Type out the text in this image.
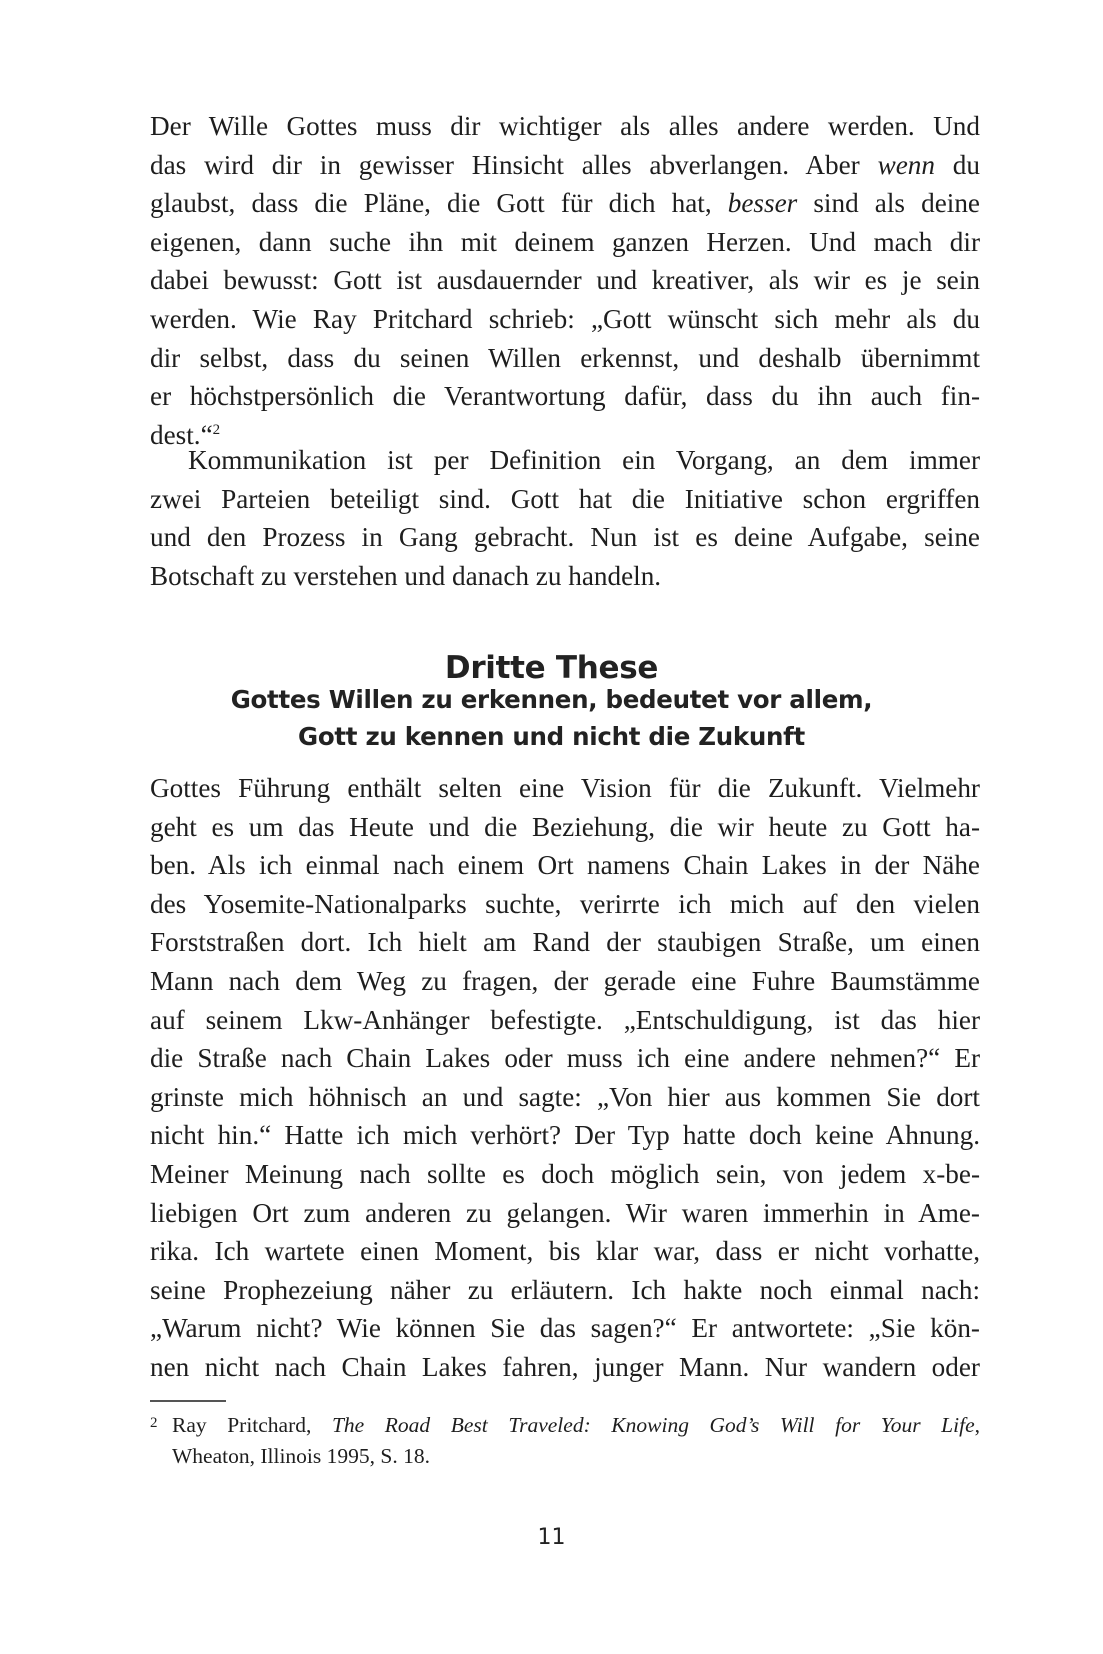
Der Wille Gottes muss dir wichtiger als alles andere werden. Und
das wird dir in gewisser Hinsicht alles abverlangen. Aber wenn du
glaubst, dass die Pläne, die Gott für dich hat, besser sind als deine
eigenen, dann suche ihn mit deinem ganzen Herzen. Und mach dir
dabei bewusst: Gott ist ausdauernder und kreativer, als wir es je sein
werden. Wie Ray Pritchard schrieb: „Gott wünscht sich mehr als du
dir selbst, dass du seinen Willen erkennst, und deshalb übernimmt
er höchstpersönlich die Verantwortung dafür, dass du ihn auch fin-
dest.“$^2$
Kommunikation ist per Definition ein Vorgang, an dem immer
zwei Parteien beteiligt sind. Gott hat die Initiative schon ergriffen
und den Prozess in Gang gebracht. Nun ist es deine Aufgabe, seine
Botschaft zu verstehen und danach zu handeln.
Dritte These
Gottes Willen zu erkennen, bedeutet vor allem,
Gott zu kennen und nicht die Zukunft
Gottes Führung enthält selten eine Vision für die Zukunft. Vielmehr
geht es um das Heute und die Beziehung, die wir heute zu Gott ha-
ben. Als ich einmal nach einem Ort namens Chain Lakes in der Nähe
des Yosemite-Nationalparks suchte, verirrte ich mich auf den vielen
Forststraßen dort. Ich hielt am Rand der staubigen Straße, um einen
Mann nach dem Weg zu fragen, der gerade eine Fuhre Baumstämme
auf seinem Lkw-Anhänger befestigte. „Entschuldigung, ist das hier
die Straße nach Chain Lakes oder muss ich eine andere nehmen?“ Er
grinste mich höhnisch an und sagte: „Von hier aus kommen Sie dort
nicht hin.“ Hatte ich mich verhört? Der Typ hatte doch keine Ahnung.
Meiner Meinung nach sollte es doch möglich sein, von jedem x-be-
liebigen Ort zum anderen zu gelangen. Wir waren immerhin in Ame-
rika. Ich wartete einen Moment, bis klar war, dass er nicht vorhatte,
seine Prophezeiung näher zu erläutern. Ich hakte noch einmal nach:
„Warum nicht? Wie können Sie das sagen?“ Er antwortete: „Sie kön-
nen nicht nach Chain Lakes fahren, junger Mann. Nur wandern oder
2 Ray Pritchard, The Road Best Traveled: Knowing God’s Will for Your Life,
Wheaton, Illinois 1995, S. 18.
11
